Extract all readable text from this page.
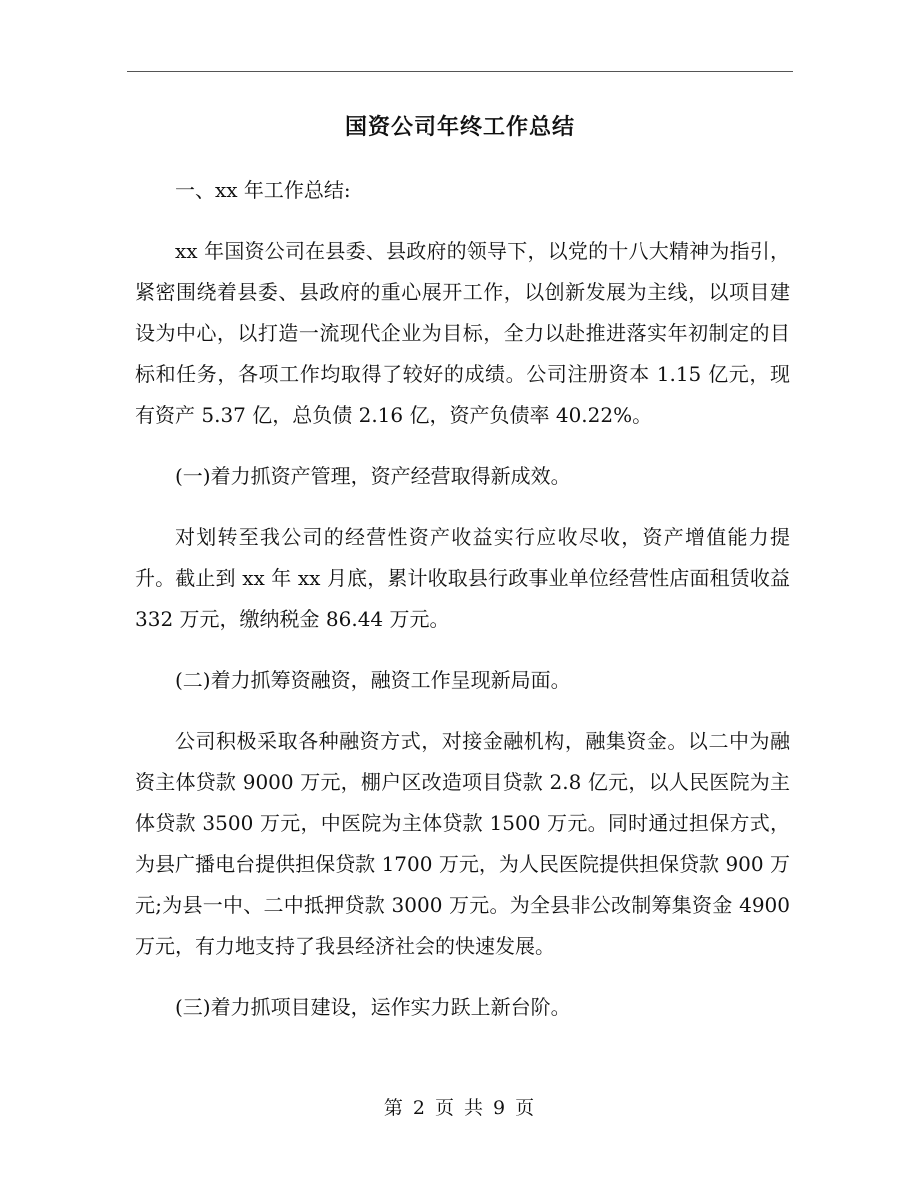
国资公司年终工作总结

一、xx 年工作总结:

xx 年国资公司在县委、县政府的领导下，以党的十八大精神为指引，紧密围绕着县委、县政府的重心展开工作，以创新发展为主线，以项目建设为中心，以打造一流现代企业为目标，全力以赴推进落实年初制定的目标和任务，各项工作均取得了较好的成绩。公司注册资本 1.15 亿元，现有资产 5.37 亿，总负债 2.16 亿，资产负债率 40.22%。

(一)着力抓资产管理，资产经营取得新成效。

对划转至我公司的经营性资产收益实行应收尽收，资产增值能力提升。截止到 xx 年 xx 月底，累计收取县行政事业单位经营性店面租赁收益 332 万元，缴纳税金 86.44 万元。

(二)着力抓筹资融资，融资工作呈现新局面。

公司积极采取各种融资方式，对接金融机构，融集资金。以二中为融资主体贷款 9000 万元，棚户区改造项目贷款 2.8 亿元，以人民医院为主体贷款 3500 万元，中医院为主体贷款 1500 万元。同时通过担保方式，为县广播电台提供担保贷款 1700 万元，为人民医院提供担保贷款 900 万元;为县一中、二中抵押贷款 3000 万元。为全县非公改制筹集资金 4900 万元，有力地支持了我县经济社会的快速发展。

(三)着力抓项目建设，运作实力跃上新台阶。

第 2 页 共 9 页
